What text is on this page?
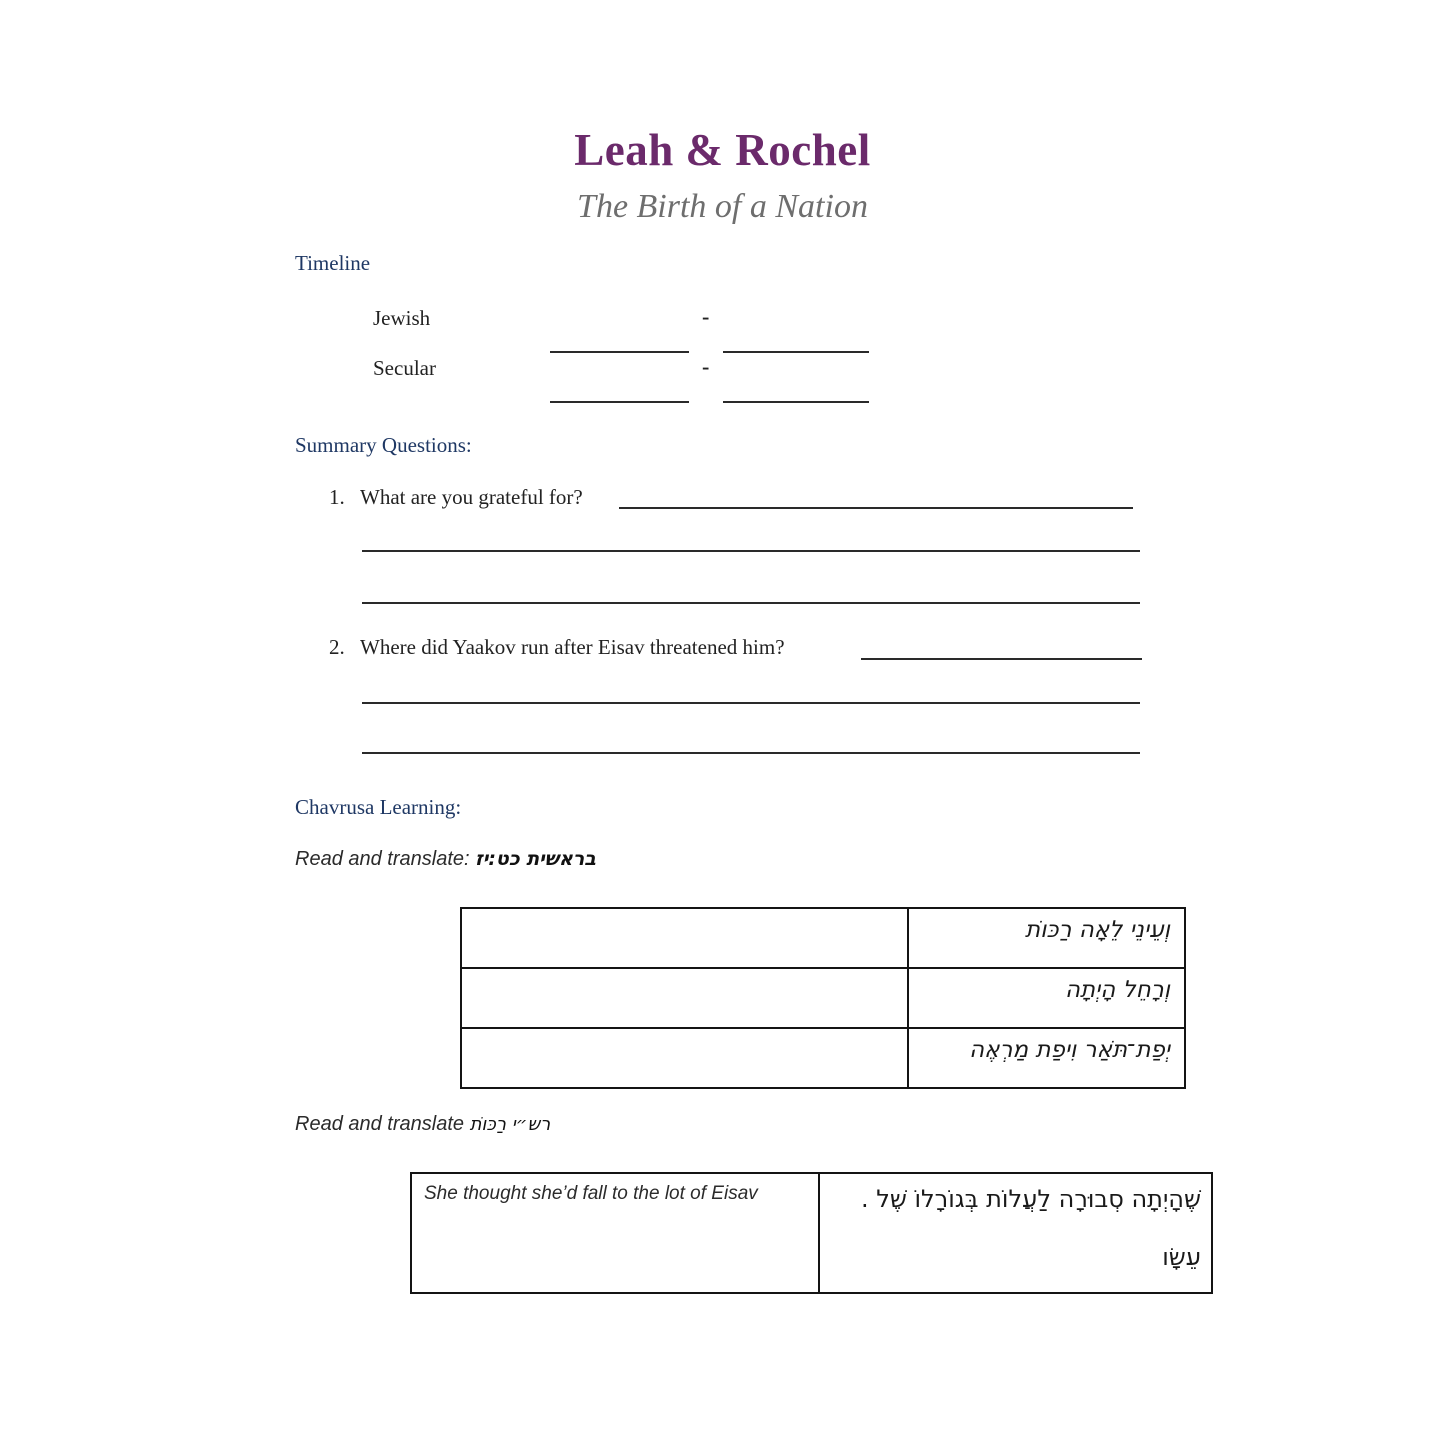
Leah & Rochel
The Birth of a Nation
Timeline
Jewish	-
Secular	-
Summary Questions:
1. What are you grateful for?
2. Where did Yaakov run after Eisav threatened him?
Chavrusa Learning:
Read and translate: בראשית כט:יז
	וְעֵינֵי לֵאָה רַכּוֹת
	וְרָחֵל הָיְתָה
	יְפַת־תֹּאַר וִיפַת מַרְאֶה
Read and translate רש״י רַכּוֹת
She thought she’d fall to the lot of Eisav	שֶׁהָיְתָה סְבוּרָה לַעֲלוֹת בְּגוֹרָלוֹ שֶׁל .
עֵשָׂו
